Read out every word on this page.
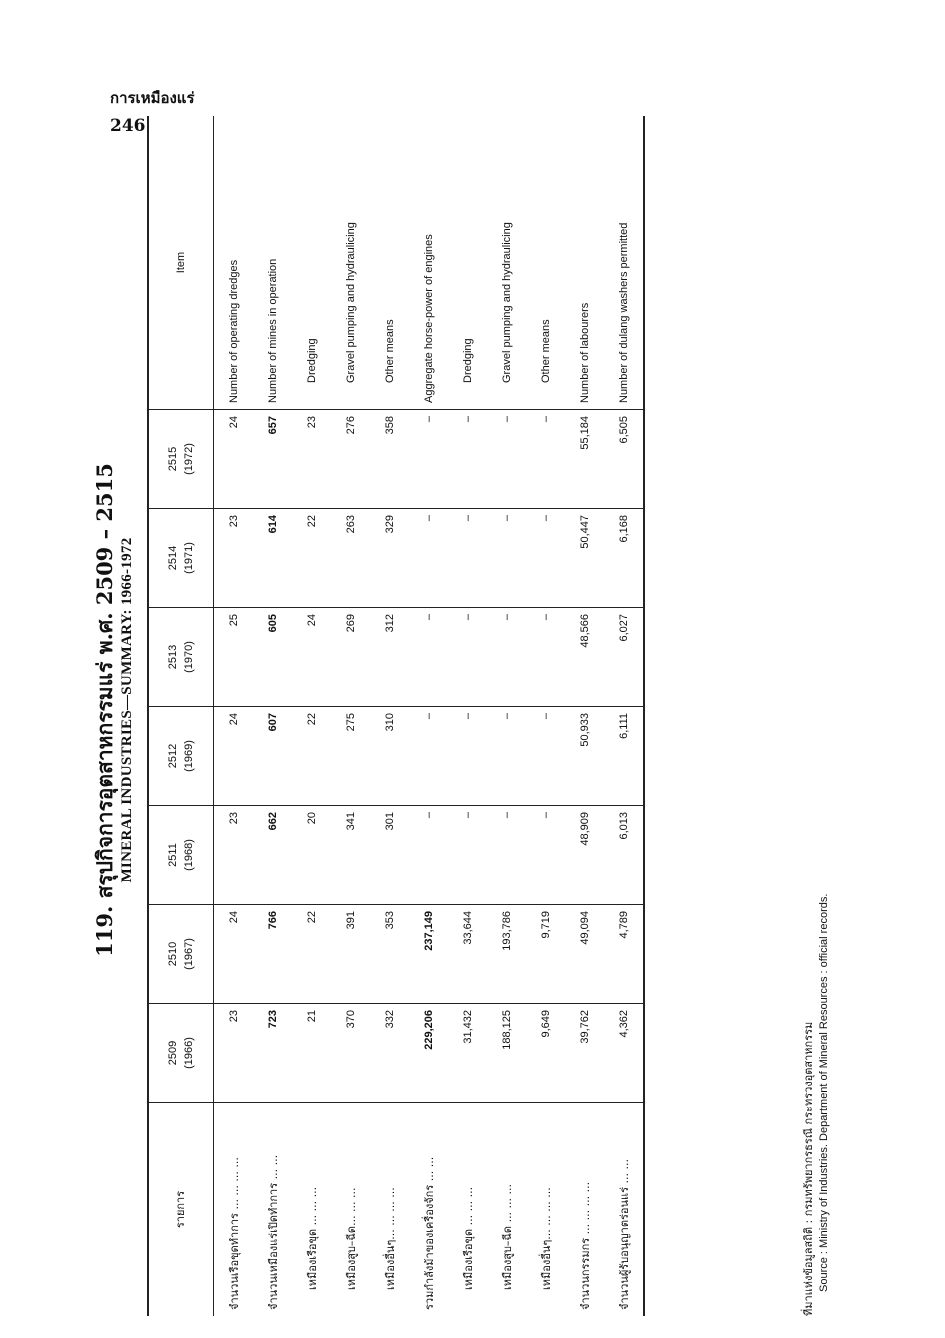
การเหมืองแร่
246
119. สรุปกิจการอุตสาหกรรมแร่ พ.ศ. 2509 – 2515 MINERAL INDUSTRIES—SUMMARY: 1966-1972
รายการ	2509 (1966)	2510 (1967)	2511 (1968)	2512 (1969)	2513 (1970)	2514 (1971)	2515 (1972)	Item
จำนวนเรือขุดทำการ ... ... ... ...	23	24	23	24	25	23	24	Number of operating dredges
จำนวนเหมืองแร่เปิดทำการ ... ...	723	766	662	607	605	614	657	Number of mines in operation
เหมืองเรือขุด ... ... ...	21	22	20	22	24	22	23	Dredging
เหมืองสูบ–ฉีด... ... ...	370	391	341	275	269	263	276	Gravel pumping and hydraulicing
เหมืองอื่นๆ... ... ... ...	332	353	301	310	312	329	358	Other means
รวมกำลังม้าของเครื่องจักร ... ...	229,206	237,149	–	–	–	–	–	Aggregate horse-power of engines
เหมืองเรือขุด ... ... ...	31,432	33,644	–	–	–	–	–	Dredging
เหมืองสูบ–ฉีด ... ... ...	188,125	193,786	–	–	–	–	–	Gravel pumping and hydraulicing
เหมืองอื่นๆ... ... ... ...	9,649	9,719	–	–	–	–	–	Other means
จำนวนกรรมกร ... ... ... ...	39,762	49,094	48,909	50,933	48,566	50,447	55,184	Number of labourers
จำนวนผู้รับอนุญาตร่อนแร่ ... ...	4,362	4,789	6,013	6,111	6,027	6,168	6,505	Number of dulang washers permitted
ที่มาแห่งข้อมูลสถิติ : กรมทรัพยากรธรณี กระทรวงอุตสาหกรรม Source : Ministry of Industries. Department of Mineral Resources : official records.
